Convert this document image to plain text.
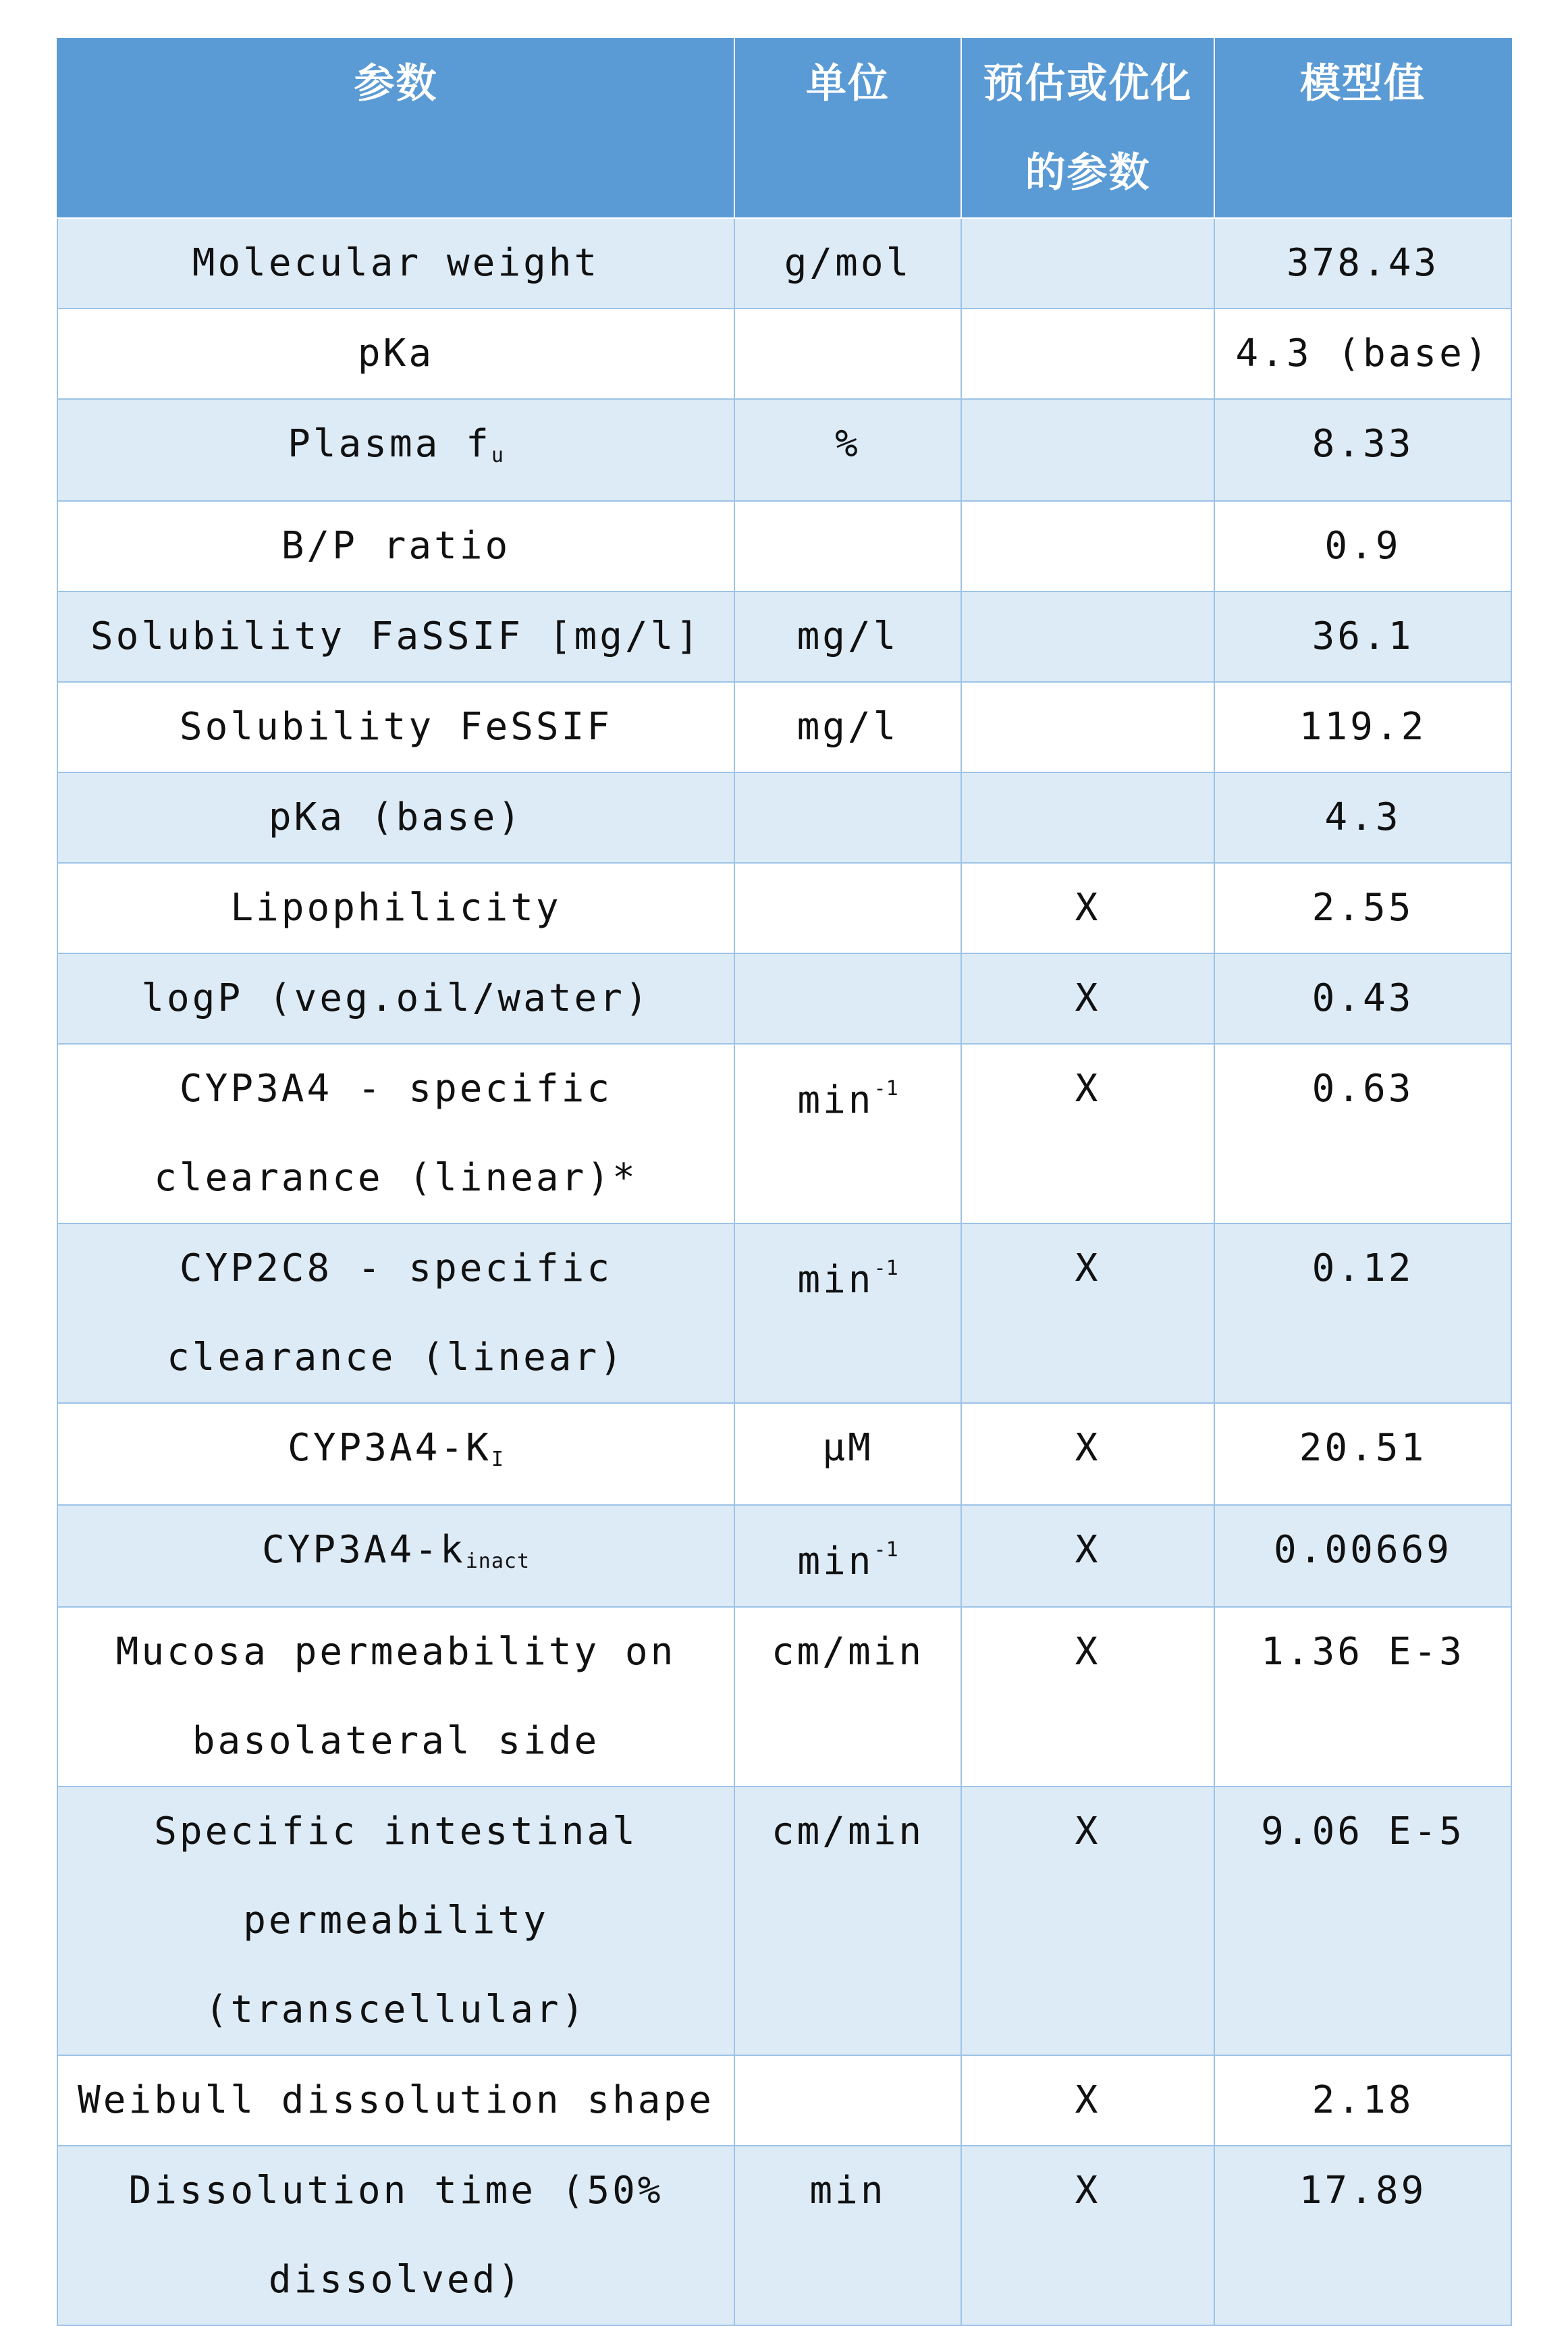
参数	单位	预估或优化的参数	模型值
Molecular weight	g/mol		378.43
pKa			4.3 (base)
Plasma $f_u$	%		8.33
B/P ratio			0.9
Solubility FaSSIF [mg/l]	mg/l		36.1
Solubility FeSSIF	mg/l		119.2
pKa (base)			4.3
Lipophilicity		X	2.55
logP (veg.oil/water)		X	0.43
CYP3A4 - specific clearance (linear)*	$\min^{-1}$	X	0.63
CYP2C8 - specific clearance (linear)	$\min^{-1}$	X	0.12
$CYP3A4-K_I$	μM	X	20.51
$CYP3A4-k_{inact}$	$\min^{-1}$	X	0.00669
Mucosa permeability on basolateral side	cm/min	X	1.36 E-3
Specific intestinal permeability (transcellular)	cm/min	X	9.06 E-5
Weibull dissolution shape		X	2.18
Dissolution time (50% dissolved)	min	X	17.89
